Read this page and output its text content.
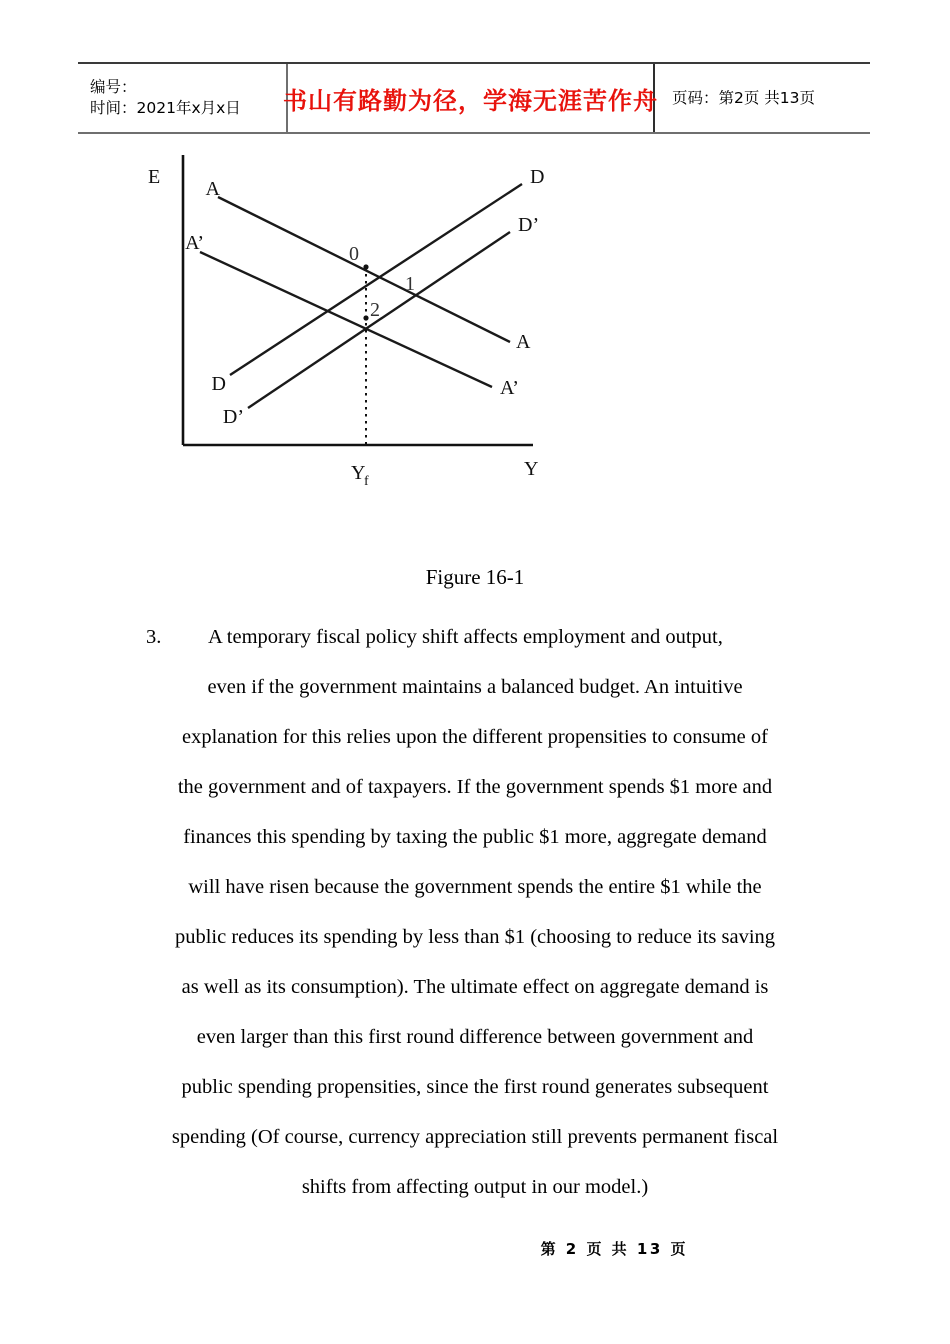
编号：
时间：2021年x月x日	书山有路勤为径，学海无涯苦作舟 页码：第2页 共13页
E
Y
Y
f
A
A’
D
D’
D
D’
A
A’
0
1
2
Figure 16-1
3. A temporary fiscal policy shift affects employment and output,
even if the government maintains a balanced budget. An intuitive
explanation for this relies upon the different propensities to consume of
the government and of taxpayers. If the government spends $1 more and
finances this spending by taxing the public $1 more, aggregate demand
will have risen because the government spends the entire $1 while the
public reduces its spending by less than $1 (choosing to reduce its saving
as well as its consumption). The ultimate effect on aggregate demand is
even larger than this first round difference between government and
public spending propensities, since the first round generates subsequent
spending (Of course, currency appreciation still prevents permanent fiscal
shifts from affecting output in our model.)
第 2 页 共 13 页
